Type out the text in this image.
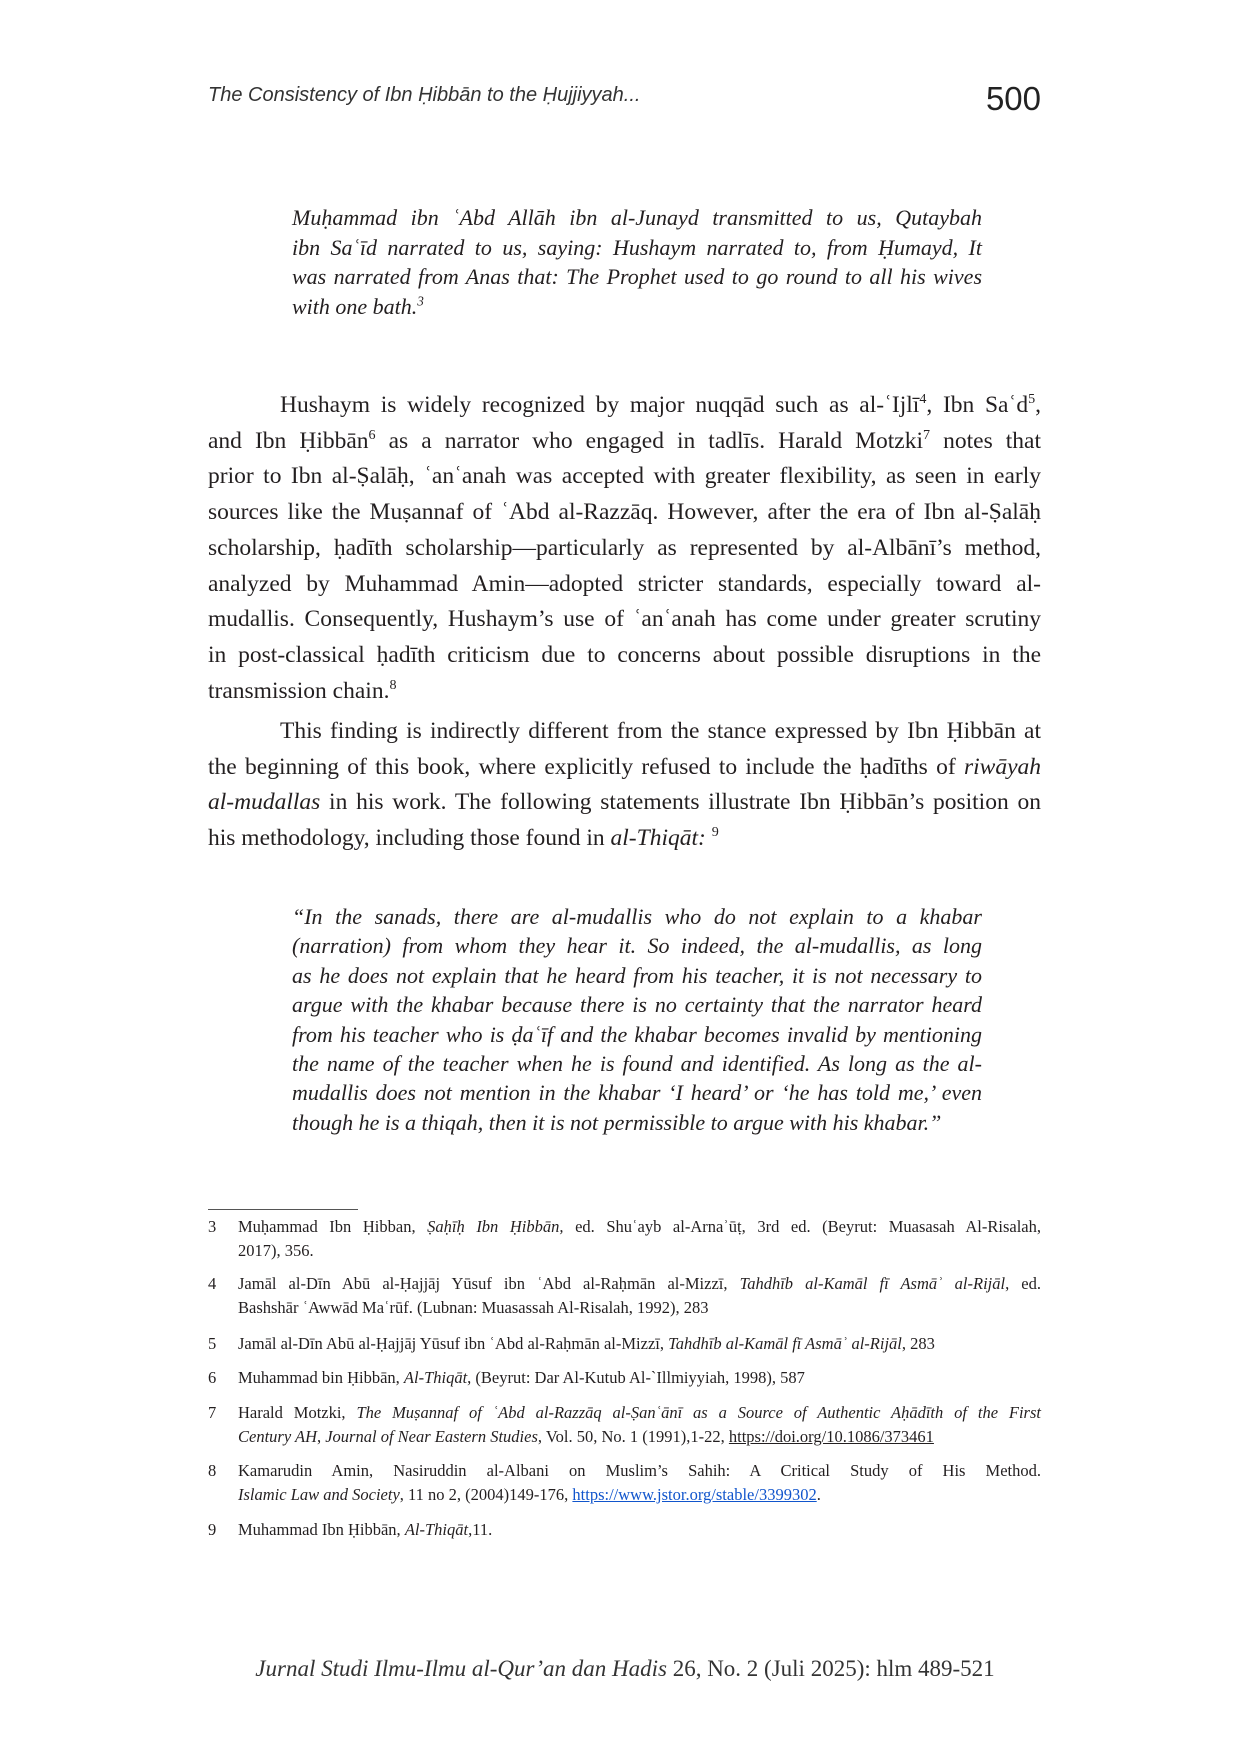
The Consistency of Ibn Ḥibbān to the Ḥujjiyyah...	500
Muḥammad ibn ʿAbd Allāh ibn al-Junayd transmitted to us, Qutaybah
ibn Saʿīd narrated to us, saying: Hushaym narrated to, from Ḥumayd, It
was narrated from Anas that: The Prophet used to go round to all his wives
with one bath.$^3$
Hushaym is widely recognized by major nuqqād such as al-ʿIjlī$^4$, Ibn Saʿd$^5$,
and Ibn Ḥibbān$^6$ as a narrator who engaged in tadlīs. Harald Motzki$^7$ notes that
prior to Ibn al-Ṣalāḥ, ʿanʿanah was accepted with greater flexibility, as seen in early
sources like the Muṣannaf of ʿAbd al-Razzāq. However, after the era of Ibn al-Ṣalāḥ
scholarship, ḥadīth scholarship—particularly as represented by al-Albānī’s method,
analyzed by Muhammad Amin—adopted stricter standards, especially toward al-
mudallis. Consequently, Hushaym’s use of ʿanʿanah has come under greater scrutiny
in post-classical ḥadīth criticism due to concerns about possible disruptions in the
transmission chain.$^8$
This finding is indirectly different from the stance expressed by Ibn Ḥibbān at
the beginning of this book, where explicitly refused to include the ḥadīths of riwāyah
al-mudallas in his work. The following statements illustrate Ibn Ḥibbān’s position on
his methodology, including those found in al-Thiqāt: $^9$
“In the sanads, there are al-mudallis who do not explain to a khabar
(narration) from whom they hear it. So indeed, the al-mudallis, as long
as he does not explain that he heard from his teacher, it is not necessary to
argue with the khabar because there is no certainty that the narrator heard
from his teacher who is ḍaʿīf and the khabar becomes invalid by mentioning
the name of the teacher when he is found and identified. As long as the al-
mudallis does not mention in the khabar ‘I heard’ or ‘he has told me,’ even
though he is a thiqah, then it is not permissible to argue with his khabar.”
3 Muḥammad Ibn Ḥibban, Ṣaḥīḥ Ibn Ḥibbān, ed. Shuʿayb al-Arnaʾūṭ, 3rd ed. (Beyrut: Muasasah Al-Risalah,
2017), 356.
4 Jamāl al-Dīn Abū al-Ḥajjāj Yūsuf ibn ʿAbd al-Raḥmān al-Mizzī, Tahdhīb al-Kamāl fī Asmāʾ al-Rijāl, ed.
Bashshār ʿAwwād Maʿrūf. (Lubnan: Muasassah Al-Risalah, 1992), 283
5 Jamāl al-Dīn Abū al-Ḥajjāj Yūsuf ibn ʿAbd al-Raḥmān al-Mizzī, Tahdhīb al-Kamāl fī Asmāʾ al-Rijāl, 283
6 Muhammad bin Ḥibbān, Al-Thiqāt, (Beyrut: Dar Al-Kutub Al-`Illmiyyiah, 1998), 587
7 Harald Motzki, The Muṣannaf of ʿAbd al-Razzāq al-Ṣanʿānī as a Source of Authentic Aḥādīth of the First
Century AH, Journal of Near Eastern Studies, Vol. 50, No. 1 (1991),1-22, https://doi.org/10.1086/373461
8 Kamarudin Amin, Nasiruddin al-Albani on Muslim’s Sahih: A Critical Study of His Method.
Islamic Law and Society, 11 no 2, (2004)149-176, https://www.jstor.org/stable/3399302.
9 Muhammad Ibn Ḥibbān, Al-Thiqāt,11.
Jurnal Studi Ilmu-Ilmu al-Qur’an dan Hadis 26, No. 2 (Juli 2025): hlm 489-521
